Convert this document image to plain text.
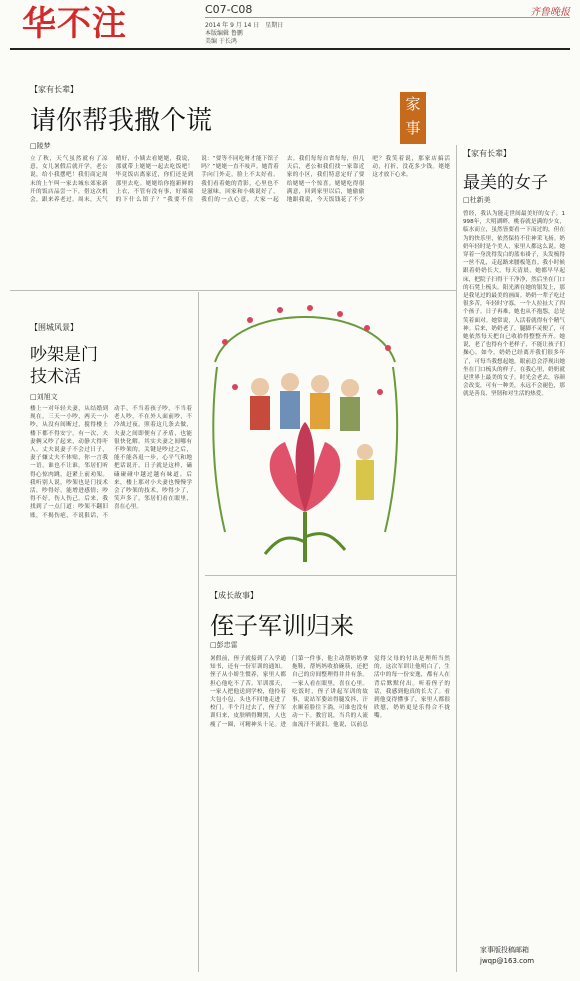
华不注	C07-C08
2014 年 9 月 14 日　星期日
本版编辑 鲁鹏
美编 于长鸿
齐鲁晚报
【家有长辈】
请你帮我撒个谎
□陵梦
家事
立了秋，天气虽然就有了凉意，女儿暑假后就开学，老公说，给小我摆吧！我们商定周末的上午叫一家去城东郊家新开的饭店品尝一下，借这次机会，跟来养老过。周末，天气晴好，小姨去看姥姥，我说，那就带上姥姥一起去吃饭吧！毕竟饭店离家近，你们还是到那里去吃。姥姥给你抱新鲜的上衣，不管有没有事，好端端的下什么馆子？”我要不住说：“要等不同吃呀才能下馆子吗？”姥姥一直不吱声。她背着手向门外走，脸上不太好看。我们看着她的背影，心里也不是滋味，回家和小姨说好了，我们的一点心意，大家一起去。我们每每自省每每，但几天后，老公和我们找一家靠近家的小区，我们特意定好了要给姥姥一个惊喜。姥姥吃得很满意，回到家里以后，她偷偷地跟我说，今天饭钱花了不少吧？我笑着说，那家店搞活动，打折，没花多少钱。姥姥这才放下心来。
【围城风景】
吵架是门
技术活
□刘旭文
楼上一对年轻夫妻，从结婚到现在，三天一小吵，两天一小吵，从没有间断过，搅得楼上楼下都不得安宁。有一次，夫妻俩又吵了起来，动静大得吓人。丈夫说妻子不会过日子，妻子嫌丈夫不体贴，你一言我一语，谁也不让谁。邻居们听得心惊肉跳，赶紧上前劝架。我听别人说，吵架也是门技术活，吵得好，能增进感情；吵得不好，伤人伤己。后来，我找到了一点门道：吵架不翻旧账，不揭伤疤，不说狠话，不动手，不当着孩子吵，不当着老人吵，不在外人面前吵，不冷战过夜。照着这几条去做，夫妻之间即便有了矛盾，也能很快化解。其实夫妻之间哪有不吵架的，关键是吵过之后，能不能各退一步，心平气和地把话说开。日子就是这样，磕磕碰碰中越过越有味道。后来，楼上那对小夫妻也慢慢学会了吵架的技术，吵得少了，笑声多了，邻居们看在眼里，喜在心里。
【成长故事】
侄子军训归来
□彭忠雷
暑假前，侄子就接到了入学通知书，还有一份军训的通知。侄子从小娇生惯养，家里人都担心他吃不了苦。军训那天，一家人把他送到学校，他拎着大包小包，头也不回地走进了校门。半个月过去了，侄子军训归来，皮肤晒得黝黑，人也瘦了一圈，可精神头十足。进门第一件事，他主动帮奶奶拿拖鞋，帮妈妈收拾碗筷，还把自己的房间整理得井井有条。一家人看在眼里，喜在心里。吃饭时，侄子讲起军训的故事，说站军姿站得腿发抖，汗水顺着脸往下淌，可谁也没有动一下。教官说，当兵的人流血流汗不流泪。他说，以前总觉得父母的付出是理所当然的，这次军训让他明白了，生活中的每一份安逸，都有人在背后默默付出。听着侄子的话，我感到他真的长大了。看到他变得懂事了，家里人都很欣慰，奶奶更是乐得合不拢嘴。
【家有长辈】
最美的女子
□杜新美
曾经，我认为能走世间最美好的女子。1998年，大明湖畔，桃春就是满的少女，临水而立，虽然皆要看一下而过的，但在为的快乐里，依然保持不住神采飞扬。奶奶年轻时是个美人，家里人都这么说。她穿着一身洗得发白的蓝布褂子，头发梳得一丝不乱，走起路来腰板笔直。我小时候跟着奶奶长大，每天清晨，她都早早起床，把院子扫得干干净净，然后坐在门口的石凳上梳头。阳光洒在她的银发上，那是我见过的最美的画面。奶奶一辈子吃过很多苦，年轻时守寡，一个人拉扯大了四个孩子。日子再难，她也从不抱怨，总是笑着面对。她常说，人活着就得有个精气神。后来，奶奶老了，腿脚不灵便了，可她依然每天把自己收拾得整整齐齐。她说，老了也得有个老样子，不能让孩子们操心。如今，奶奶已经离开我们很多年了，可每当我想起她，眼前总会浮现出她坐在门口梳头的样子。在我心里，奶奶就是世界上最美的女子。时光会老去，容颜会改变，可有一种美，永远不会褪色，那就是善良、坚韧和对生活的热爱。
家事版投稿邮箱
jwqp@163.com
